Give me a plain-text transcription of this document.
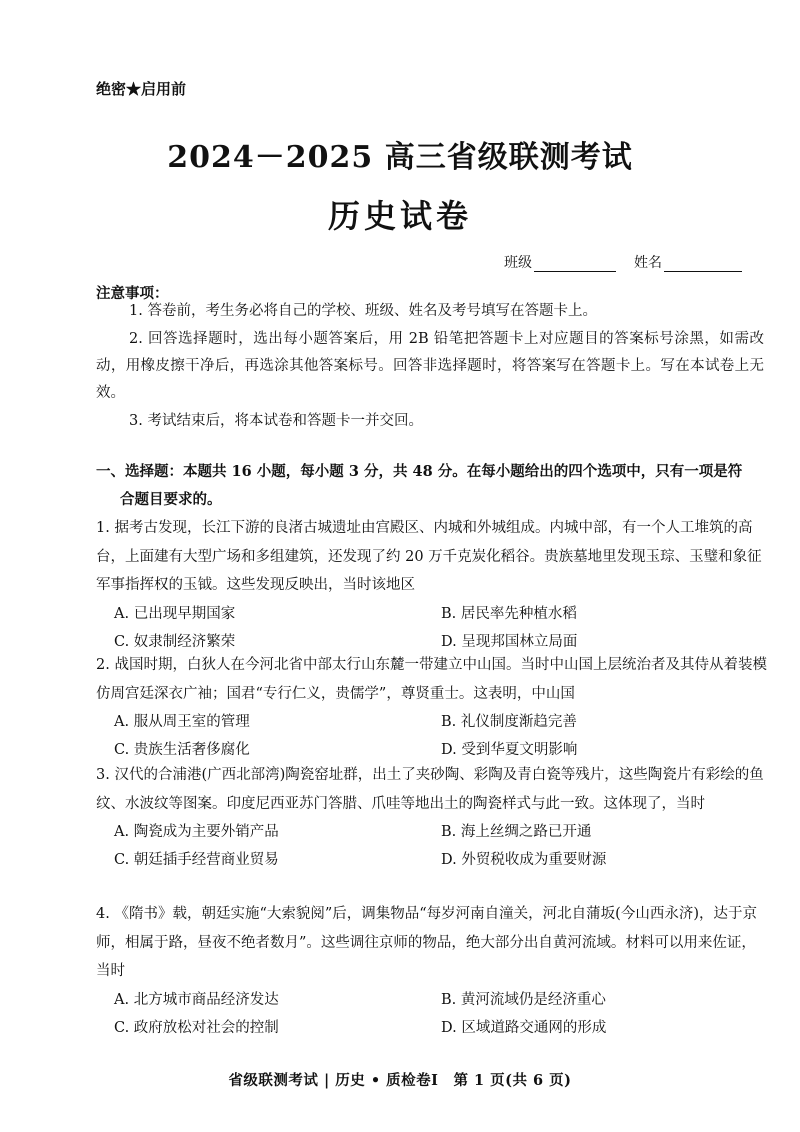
绝密★启用前
2024－2025 高三省级联测考试
历史试卷
班级	姓名
注意事项：
1. 答卷前，考生务必将自己的学校、班级、姓名及考号填写在答题卡上。
2. 回答选择题时，选出每小题答案后，用 2B 铅笔把答题卡上对应题目的答案标号涂黑，如需改动，用橡皮擦干净后，再选涂其他答案标号。回答非选择题时，将答案写在答题卡上。写在本试卷上无效。
3. 考试结束后，将本试卷和答题卡一并交回。
一、选择题：本题共 16 小题，每小题 3 分，共 48 分。在每小题给出的四个选项中，只有一项是符
合题目要求的。
1. 据考古发现，长江下游的良渚古城遗址由宫殿区、内城和外城组成。内城中部，有一个人工堆筑的高台，上面建有大型广场和多组建筑，还发现了约 20 万千克炭化稻谷。贵族墓地里发现玉琮、玉璧和象征军事指挥权的玉钺。这些发现反映出，当时该地区
A. 已出现早期国家	B. 居民率先种植水稻
C. 奴隶制经济繁荣	D. 呈现邦国林立局面
2. 战国时期，白狄人在今河北省中部太行山东麓一带建立中山国。当时中山国上层统治者及其侍从着装模仿周宫廷深衣广袖；国君“专行仁义，贵儒学”，尊贤重士。这表明，中山国
A. 服从周王室的管理	B. 礼仪制度渐趋完善
C. 贵族生活奢侈腐化	D. 受到华夏文明影响
3. 汉代的合浦港(广西北部湾)陶瓷窑址群，出土了夹砂陶、彩陶及青白瓷等残片，这些陶瓷片有彩绘的鱼纹、水波纹等图案。印度尼西亚苏门答腊、爪哇等地出土的陶瓷样式与此一致。这体现了，当时
A. 陶瓷成为主要外销产品	B. 海上丝绸之路已开通
C. 朝廷插手经营商业贸易	D. 外贸税收成为重要财源
4. 《隋书》载，朝廷实施“大索貌阅”后，调集物品“每岁河南自潼关，河北自蒲坂(今山西永济)，达于京师，相属于路，昼夜不绝者数月”。这些调往京师的物品，绝大部分出自黄河流域。材料可以用来佐证，当时
A. 北方城市商品经济发达	B. 黄河流域仍是经济重心
C. 政府放松对社会的控制	D. 区域道路交通网的形成
省级联测考试 | 历史 • 质检卷Ⅰ　第 1 页(共 6 页)
